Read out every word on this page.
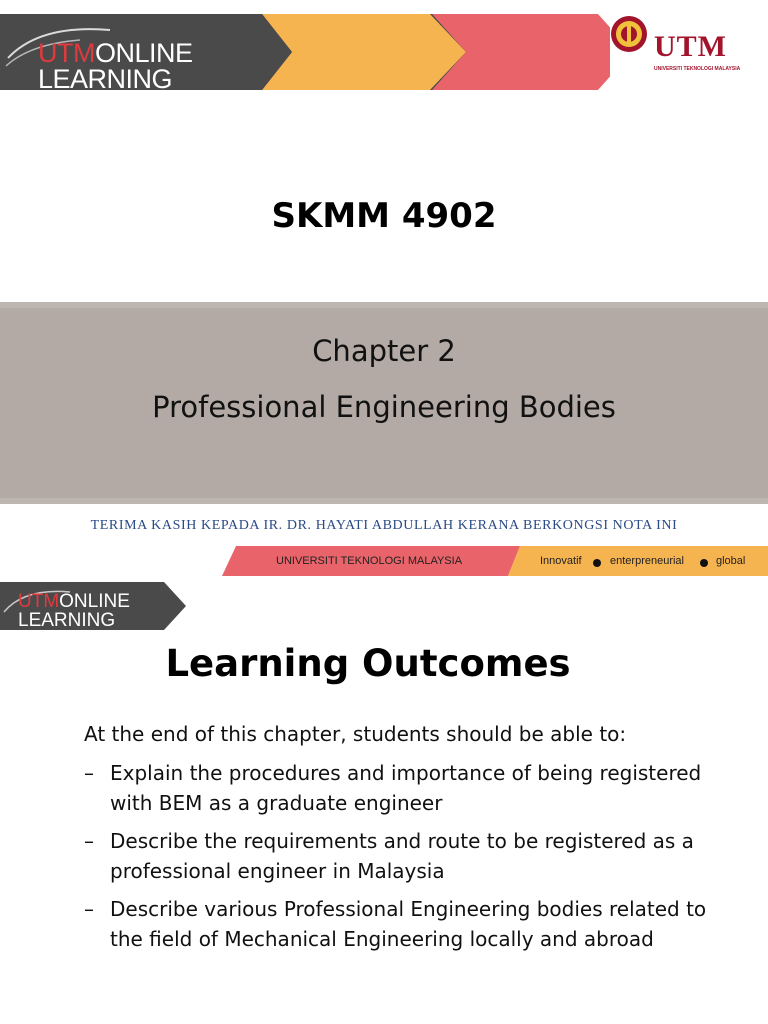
UTMONLINE
LEARNING
UTM
UNIVERSITI TEKNOLOGI MALAYSIA
SKMM 4902
Chapter 2
Professional Engineering Bodies
TERIMA KASIH KEPADA IR. DR. HAYATI ABDULLAH KERANA BERKONGSI NOTA INI
UNIVERSITI TEKNOLOGI MALAYSIA	Innovatif	enterpreneurial	global
UTMONLINE
LEARNING
Learning Outcomes
At the end of this chapter, students should be able to:
– Explain the procedures and importance of being registered with BEM as a graduate engineer
– Describe the requirements and route to be registered as a professional engineer in Malaysia
– Describe various Professional Engineering bodies related to the field of Mechanical Engineering locally and abroad
